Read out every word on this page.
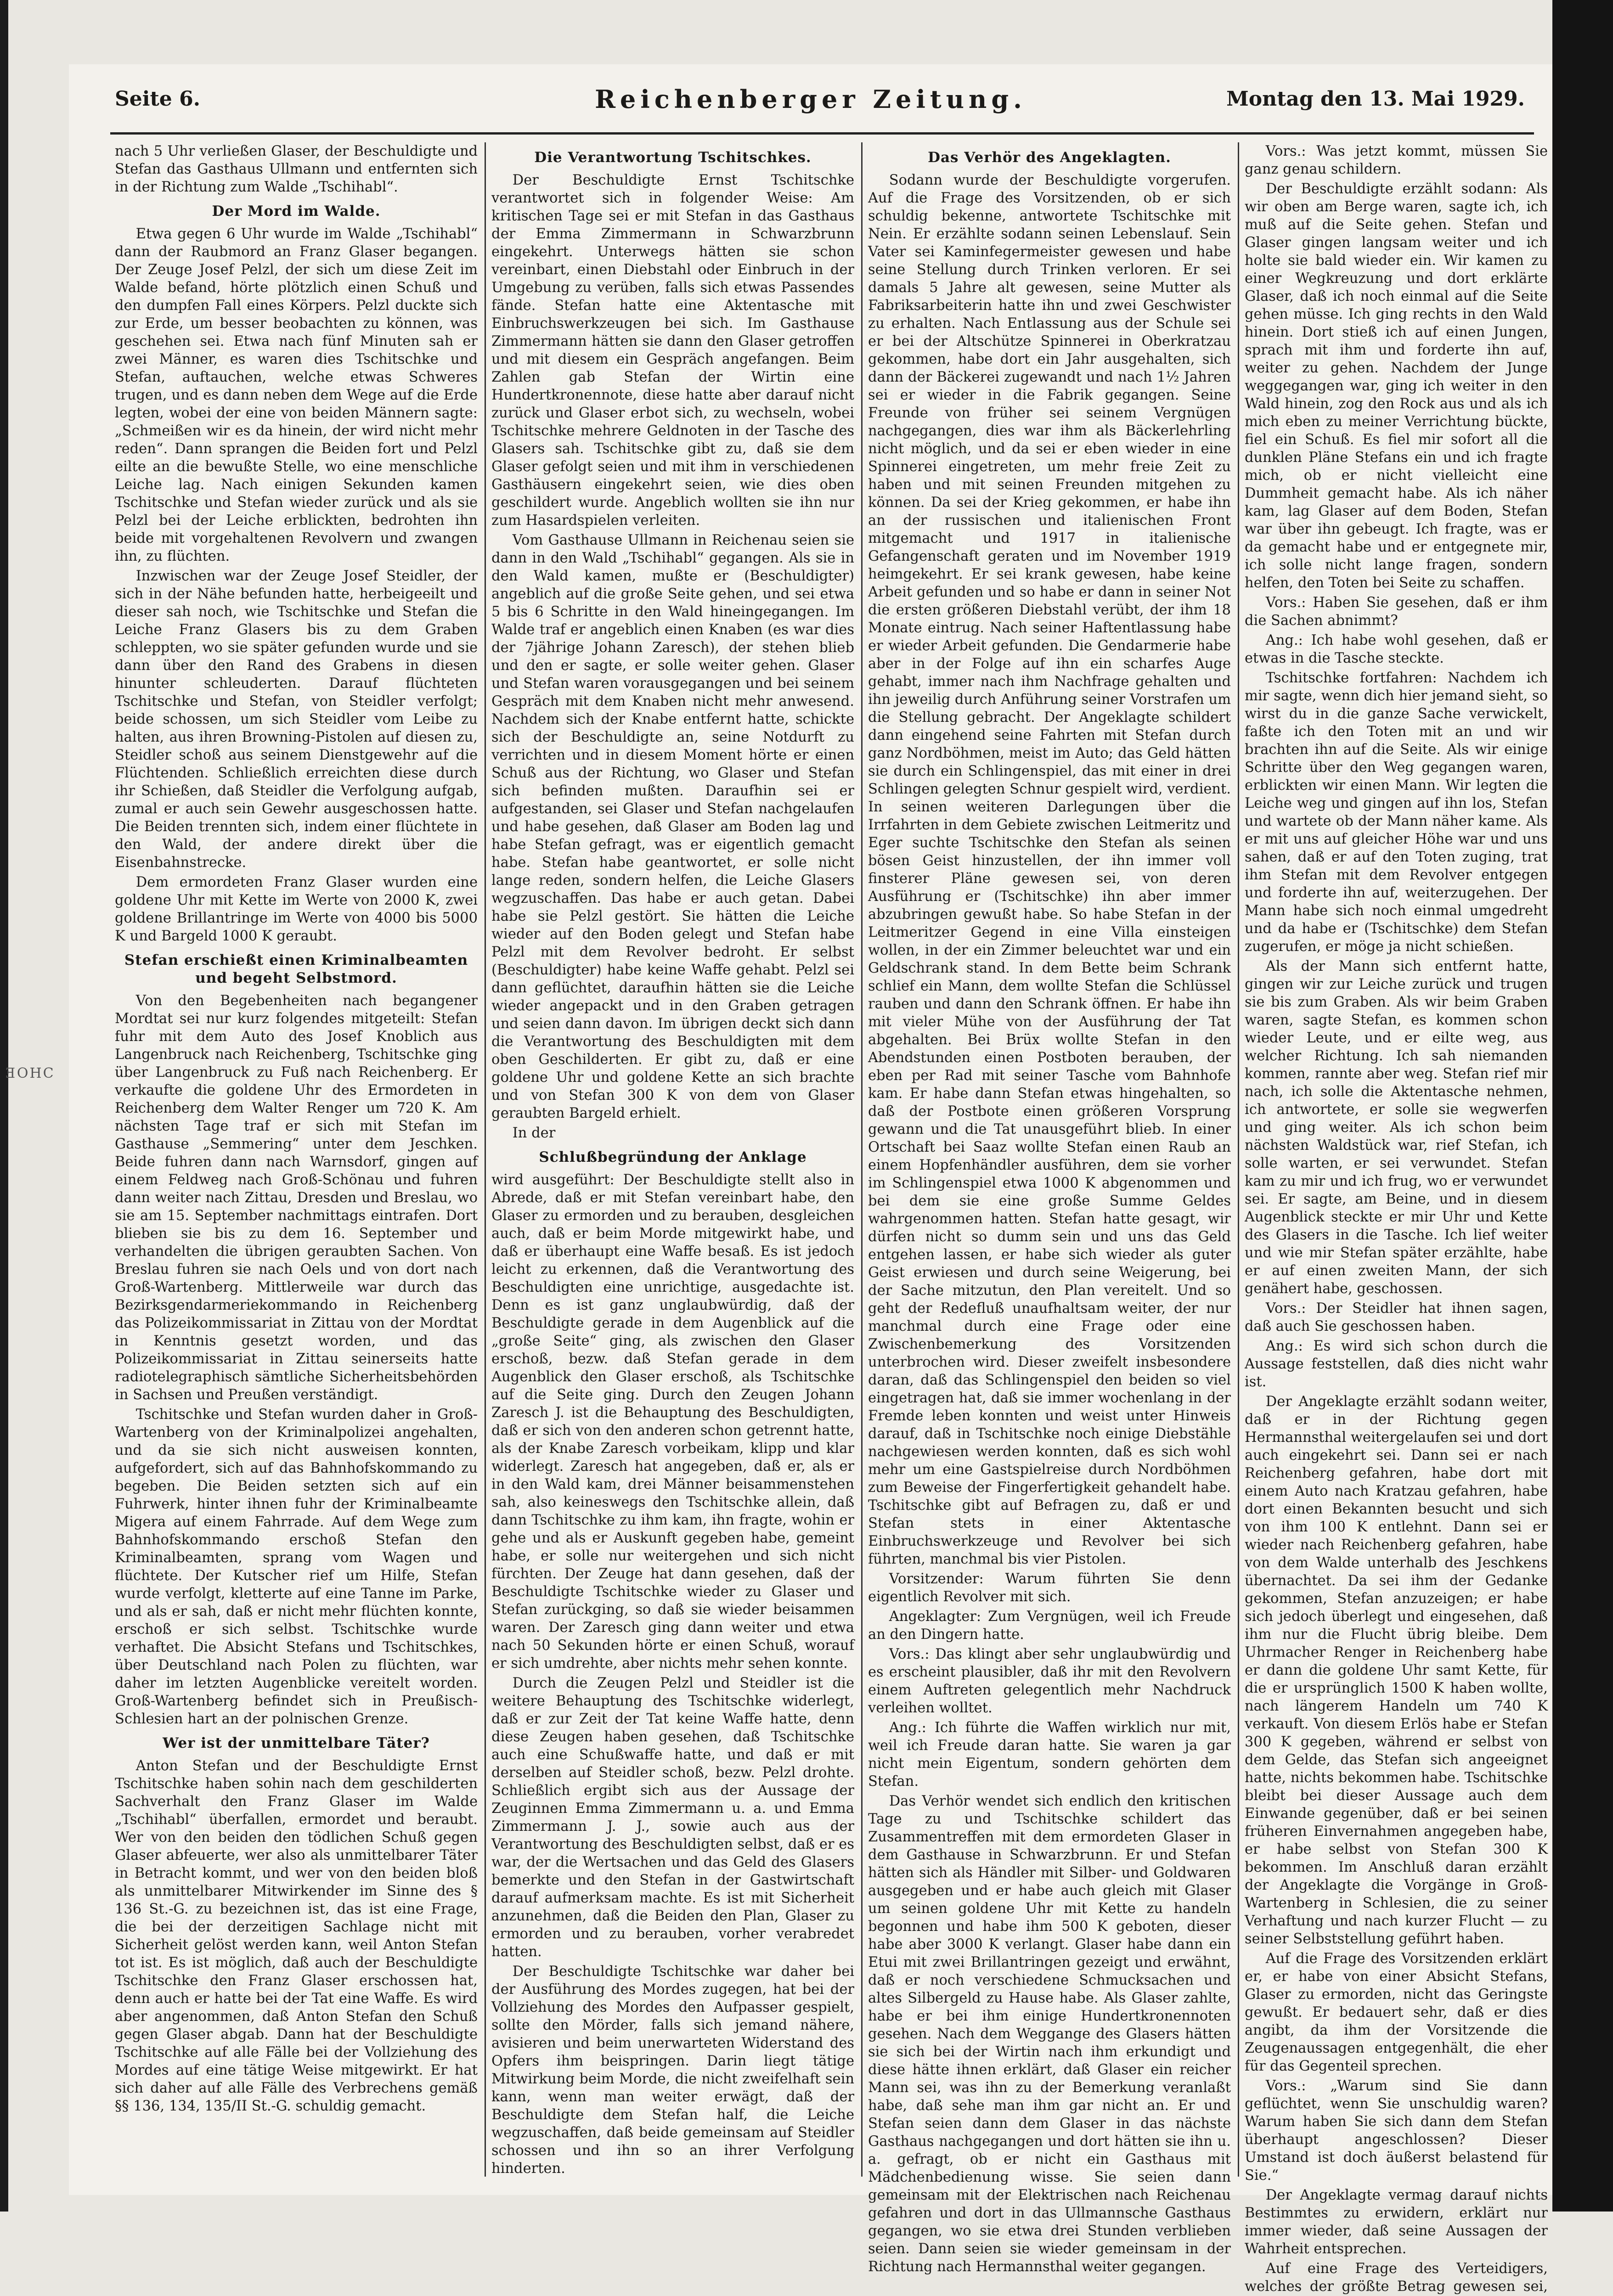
ƎOHC
Seite 6.	Reichenberger Zeitung.	Montag den 13. Mai 1929.

nach 5 Uhr verließen Glaser, der Beschuldigte und Stefan das Gasthaus Ullmann und entfernten sich in der Richtung zum Walde „Tschihabl“.

Der Mord im Walde.

Etwa gegen 6 Uhr wurde im Walde „Tschihabl“ dann der Raubmord an Franz Glaser begangen. Der Zeuge Josef Pelzl, der sich um diese Zeit im Walde befand, hörte plötzlich einen Schuß und den dumpfen Fall eines Körpers. Pelzl duckte sich zur Erde, um besser beobachten zu können, was geschehen sei. Etwa nach fünf Minuten sah er zwei Männer, es waren dies Tschitschke und Stefan, auftauchen, welche etwas Schweres trugen, und es dann neben dem Wege auf die Erde legten, wobei der eine von beiden Männern sagte: „Schmeißen wir es da hinein, der wird nicht mehr reden“. Dann sprangen die Beiden fort und Pelzl eilte an die bewußte Stelle, wo eine menschliche Leiche lag. Nach einigen Sekunden kamen Tschitschke und Stefan wieder zurück und als sie Pelzl bei der Leiche erblickten, bedrohten ihn beide mit vorgehaltenen Revolvern und zwangen ihn, zu flüchten.

Inzwischen war der Zeuge Josef Steidler, der sich in der Nähe befunden hatte, herbeigeeilt und dieser sah noch, wie Tschitschke und Stefan die Leiche Franz Glasers bis zu dem Graben schleppten, wo sie später gefunden wurde und sie dann über den Rand des Grabens in diesen hinunter schleuderten. Darauf flüchteten Tschitschke und Stefan, von Steidler verfolgt; beide schossen, um sich Steidler vom Leibe zu halten, aus ihren Browning-Pistolen auf diesen zu, Steidler schoß aus seinem Dienstgewehr auf die Flüchtenden. Schließlich erreichten diese durch ihr Schießen, daß Steidler die Verfolgung aufgab, zumal er auch sein Gewehr ausgeschossen hatte. Die Beiden trennten sich, indem einer flüchtete in den Wald, der andere direkt über die Eisenbahnstrecke.

Dem ermordeten Franz Glaser wurden eine goldene Uhr mit Kette im Werte von 2000 K, zwei goldene Brillantringe im Werte von 4000 bis 5000 K und Bargeld 1000 K geraubt.

Stefan erschießt einen Kriminalbeamten und begeht Selbstmord.

Von den Begebenheiten nach begangener Mordtat sei nur kurz folgendes mitgeteilt: Stefan fuhr mit dem Auto des Josef Knoblich aus Langenbruck nach Reichenberg, Tschitschke ging über Langenbruck zu Fuß nach Reichenberg. Er verkaufte die goldene Uhr des Ermordeten in Reichenberg dem Walter Renger um 720 K. Am nächsten Tage traf er sich mit Stefan im Gasthause „Semmering“ unter dem Jeschken. Beide fuhren dann nach Warnsdorf, gingen auf einem Feldweg nach Groß-Schönau und fuhren dann weiter nach Zittau, Dresden und Breslau, wo sie am 15. September nachmittags eintrafen. Dort blieben sie bis zu dem 16. September und verhandelten die übrigen geraubten Sachen. Von Breslau fuhren sie nach Oels und von dort nach Groß-Wartenberg. Mittlerweile war durch das Bezirksgendarmeriekommando in Reichenberg das Polizeikommissariat in Zittau von der Mordtat in Kenntnis gesetzt worden, und das Polizeikommissariat in Zittau seinerseits hatte radiotelegraphisch sämtliche Sicherheitsbehörden in Sachsen und Preußen verständigt.

Tschitschke und Stefan wurden daher in Groß-Wartenberg von der Kriminalpolizei angehalten, und da sie sich nicht ausweisen konnten, aufgefordert, sich auf das Bahnhofskommando zu begeben. Die Beiden setzten sich auf ein Fuhrwerk, hinter ihnen fuhr der Kriminalbeamte Migera auf einem Fahrrade. Auf dem Wege zum Bahnhofskommando erschoß Stefan den Kriminalbeamten, sprang vom Wagen und flüchtete. Der Kutscher rief um Hilfe, Stefan wurde verfolgt, kletterte auf eine Tanne im Parke, und als er sah, daß er nicht mehr flüchten konnte, erschoß er sich selbst. Tschitschke wurde verhaftet. Die Absicht Stefans und Tschitschkes, über Deutschland nach Polen zu flüchten, war daher im letzten Augenblicke vereitelt worden. Groß-Wartenberg befindet sich in Preußisch-Schlesien hart an der polnischen Grenze.

Wer ist der unmittelbare Täter?

Anton Stefan und der Beschuldigte Ernst Tschitschke haben sohin nach dem geschilderten Sachverhalt den Franz Glaser im Walde „Tschihabl“ überfallen, ermordet und beraubt. Wer von den beiden den tödlichen Schuß gegen Glaser abfeuerte, wer also als unmittelbarer Täter in Betracht kommt, und wer von den beiden bloß als unmittelbarer Mitwirkender im Sinne des § 136 St.-G. zu bezeichnen ist, das ist eine Frage, die bei der derzeitigen Sachlage nicht mit Sicherheit gelöst werden kann, weil Anton Stefan tot ist. Es ist möglich, daß auch der Beschuldigte Tschitschke den Franz Glaser erschossen hat, denn auch er hatte bei der Tat eine Waffe. Es wird aber angenommen, daß Anton Stefan den Schuß gegen Glaser abgab. Dann hat der Beschuldigte Tschitschke auf alle Fälle bei der Vollziehung des Mordes auf eine tätige Weise mitgewirkt. Er hat sich daher auf alle Fälle des Verbrechens gemäß §§ 136, 134, 135/II St.-G. schuldig gemacht.

Die Verantwortung Tschitschkes.

Der Beschuldigte Ernst Tschitschke verantwortet sich in folgender Weise: Am kritischen Tage sei er mit Stefan in das Gasthaus der Emma Zimmermann in Schwarzbrunn eingekehrt. Unterwegs hätten sie schon vereinbart, einen Diebstahl oder Einbruch in der Umgebung zu verüben, falls sich etwas Passendes fände. Stefan hatte eine Aktentasche mit Einbruchswerkzeugen bei sich. Im Gasthause Zimmermann hätten sie dann den Glaser getroffen und mit diesem ein Gespräch angefangen. Beim Zahlen gab Stefan der Wirtin eine Hundertkronennote, diese hatte aber darauf nicht zurück und Glaser erbot sich, zu wechseln, wobei Tschitschke mehrere Geldnoten in der Tasche des Glasers sah. Tschitschke gibt zu, daß sie dem Glaser gefolgt seien und mit ihm in verschiedenen Gasthäusern eingekehrt seien, wie dies oben geschildert wurde. Angeblich wollten sie ihn nur zum Hasardspielen verleiten.

Vom Gasthause Ullmann in Reichenau seien sie dann in den Wald „Tschihabl“ gegangen. Als sie in den Wald kamen, mußte er (Beschuldigter) angeblich auf die große Seite gehen, und sei etwa 5 bis 6 Schritte in den Wald hineingegangen. Im Walde traf er angeblich einen Knaben (es war dies der 7jährige Johann Zaresch), der stehen blieb und den er sagte, er solle weiter gehen. Glaser und Stefan waren vorausgegangen und bei seinem Gespräch mit dem Knaben nicht mehr anwesend. Nachdem sich der Knabe entfernt hatte, schickte sich der Beschuldigte an, seine Notdurft zu verrichten und in diesem Moment hörte er einen Schuß aus der Richtung, wo Glaser und Stefan sich befinden mußten. Daraufhin sei er aufgestanden, sei Glaser und Stefan nachgelaufen und habe gesehen, daß Glaser am Boden lag und habe Stefan gefragt, was er eigentlich gemacht habe. Stefan habe geantwortet, er solle nicht lange reden, sondern helfen, die Leiche Glasers wegzuschaffen. Das habe er auch getan. Dabei habe sie Pelzl gestört. Sie hätten die Leiche wieder auf den Boden gelegt und Stefan habe Pelzl mit dem Revolver bedroht. Er selbst (Beschuldigter) habe keine Waffe gehabt. Pelzl sei dann geflüchtet, daraufhin hätten sie die Leiche wieder angepackt und in den Graben getragen und seien dann davon. Im übrigen deckt sich dann die Verantwortung des Beschuldigten mit dem oben Geschilderten. Er gibt zu, daß er eine goldene Uhr und goldene Kette an sich brachte und von Stefan 300 K von dem von Glaser geraubten Bargeld erhielt.

In der

Schlußbegründung der Anklage

wird ausgeführt: Der Beschuldigte stellt also in Abrede, daß er mit Stefan vereinbart habe, den Glaser zu ermorden und zu berauben, desgleichen auch, daß er beim Morde mitgewirkt habe, und daß er überhaupt eine Waffe besaß. Es ist jedoch leicht zu erkennen, daß die Verantwortung des Beschuldigten eine unrichtige, ausgedachte ist. Denn es ist ganz unglaubwürdig, daß der Beschuldigte gerade in dem Augenblick auf die „große Seite“ ging, als zwischen den Glaser erschoß, bezw. daß Stefan gerade in dem Augenblick den Glaser erschoß, als Tschitschke auf die Seite ging. Durch den Zeugen Johann Zaresch J. ist die Behauptung des Beschuldigten, daß er sich von den anderen schon getrennt hatte, als der Knabe Zaresch vorbeikam, klipp und klar widerlegt. Zaresch hat angegeben, daß er, als er in den Wald kam, drei Männer beisammenstehen sah, also keineswegs den Tschitschke allein, daß dann Tschitschke zu ihm kam, ihn fragte, wohin er gehe und als er Auskunft gegeben habe, gemeint habe, er solle nur weitergehen und sich nicht fürchten. Der Zeuge hat dann gesehen, daß der Beschuldigte Tschitschke wieder zu Glaser und Stefan zurückging, so daß sie wieder beisammen waren. Der Zaresch ging dann weiter und etwa nach 50 Sekunden hörte er einen Schuß, worauf er sich umdrehte, aber nichts mehr sehen konnte.

Durch die Zeugen Pelzl und Steidler ist die weitere Behauptung des Tschitschke widerlegt, daß er zur Zeit der Tat keine Waffe hatte, denn diese Zeugen haben gesehen, daß Tschitschke auch eine Schußwaffe hatte, und daß er mit derselben auf Steidler schoß, bezw. Pelzl drohte. Schließlich ergibt sich aus der Aussage der Zeuginnen Emma Zimmermann u. a. und Emma Zimmermann J. J., sowie auch aus der Verantwortung des Beschuldigten selbst, daß er es war, der die Wertsachen und das Geld des Glasers bemerkte und den Stefan in der Gastwirtschaft darauf aufmerksam machte. Es ist mit Sicherheit anzunehmen, daß die Beiden den Plan, Glaser zu ermorden und zu berauben, vorher verabredet hatten.

Der Beschuldigte Tschitschke war daher bei der Ausführung des Mordes zugegen, hat bei der Vollziehung des Mordes den Aufpasser gespielt, sollte den Mörder, falls sich jemand nähere, avisieren und beim unerwarteten Widerstand des Opfers ihm beispringen. Darin liegt tätige Mitwirkung beim Morde, die nicht zweifelhaft sein kann, wenn man weiter erwägt, daß der Beschuldigte dem Stefan half, die Leiche wegzuschaffen, daß beide gemeinsam auf Steidler schossen und ihn so an ihrer Verfolgung hinderten.

Das Verhör des Angeklagten.

Sodann wurde der Beschuldigte vorgerufen. Auf die Frage des Vorsitzenden, ob er sich schuldig bekenne, antwortete Tschitschke mit Nein. Er erzählte sodann seinen Lebenslauf. Sein Vater sei Kaminfegermeister gewesen und habe seine Stellung durch Trinken verloren. Er sei damals 5 Jahre alt gewesen, seine Mutter als Fabriksarbeiterin hatte ihn und zwei Geschwister zu erhalten. Nach Entlassung aus der Schule sei er bei der Altschütze Spinnerei in Oberkratzau gekommen, habe dort ein Jahr ausgehalten, sich dann der Bäckerei zugewandt und nach 1½ Jahren sei er wieder in die Fabrik gegangen. Seine Freunde von früher sei seinem Vergnügen nachgegangen, dies war ihm als Bäckerlehrling nicht möglich, und da sei er eben wieder in eine Spinnerei eingetreten, um mehr freie Zeit zu haben und mit seinen Freunden mitgehen zu können. Da sei der Krieg gekommen, er habe ihn an der russischen und italienischen Front mitgemacht und 1917 in italienische Gefangenschaft geraten und im November 1919 heimgekehrt. Er sei krank gewesen, habe keine Arbeit gefunden und so habe er dann in seiner Not die ersten größeren Diebstahl verübt, der ihm 18 Monate eintrug. Nach seiner Haftentlassung habe er wieder Arbeit gefunden. Die Gendarmerie habe aber in der Folge auf ihn ein scharfes Auge gehabt, immer nach ihm Nachfrage gehalten und ihn jeweilig durch Anführung seiner Vorstrafen um die Stellung gebracht. Der Angeklagte schildert dann eingehend seine Fahrten mit Stefan durch ganz Nordböhmen, meist im Auto; das Geld hätten sie durch ein Schlingenspiel, das mit einer in drei Schlingen gelegten Schnur gespielt wird, verdient. In seinen weiteren Darlegungen über die Irrfahrten in dem Gebiete zwischen Leitmeritz und Eger suchte Tschitschke den Stefan als seinen bösen Geist hinzustellen, der ihn immer voll finsterer Pläne gewesen sei, von deren Ausführung er (Tschitschke) ihn aber immer abzubringen gewußt habe. So habe Stefan in der Leitmeritzer Gegend in eine Villa einsteigen wollen, in der ein Zimmer beleuchtet war und ein Geldschrank stand. In dem Bette beim Schrank schlief ein Mann, dem wollte Stefan die Schlüssel rauben und dann den Schrank öffnen. Er habe ihn mit vieler Mühe von der Ausführung der Tat abgehalten. Bei Brüx wollte Stefan in den Abendstunden einen Postboten berauben, der eben per Rad mit seiner Tasche vom Bahnhofe kam. Er habe dann Stefan etwas hingehalten, so daß der Postbote einen größeren Vorsprung gewann und die Tat unausgeführt blieb. In einer Ortschaft bei Saaz wollte Stefan einen Raub an einem Hopfenhändler ausführen, dem sie vorher im Schlingenspiel etwa 1000 K abgenommen und bei dem sie eine große Summe Geldes wahrgenommen hatten. Stefan hatte gesagt, wir dürfen nicht so dumm sein und uns das Geld entgehen lassen, er habe sich wieder als guter Geist erwiesen und durch seine Weigerung, bei der Sache mitzutun, den Plan vereitelt. Und so geht der Redefluß unaufhaltsam weiter, der nur manchmal durch eine Frage oder eine Zwischenbemerkung des Vorsitzenden unterbrochen wird. Dieser zweifelt insbesondere daran, daß das Schlingenspiel den beiden so viel eingetragen hat, daß sie immer wochenlang in der Fremde leben konnten und weist unter Hinweis darauf, daß in Tschitschke noch einige Diebstähle nachgewiesen werden konnten, daß es sich wohl mehr um eine Gastspielreise durch Nordböhmen zum Beweise der Fingerfertigkeit gehandelt habe. Tschitschke gibt auf Befragen zu, daß er und Stefan stets in einer Aktentasche Einbruchswerkzeuge und Revolver bei sich führten, manchmal bis vier Pistolen.

Vorsitzender: Warum führten Sie denn eigentlich Revolver mit sich.

Angeklagter: Zum Vergnügen, weil ich Freude an den Dingern hatte.

Vors.: Das klingt aber sehr unglaubwürdig und es erscheint plausibler, daß ihr mit den Revolvern einem Auftreten gelegentlich mehr Nachdruck verleihen wolltet.

Ang.: Ich führte die Waffen wirklich nur mit, weil ich Freude daran hatte. Sie waren ja gar nicht mein Eigentum, sondern gehörten dem Stefan.

Das Verhör wendet sich endlich den kritischen Tage zu und Tschitschke schildert das Zusammentreffen mit dem ermordeten Glaser in dem Gasthause in Schwarzbrunn. Er und Stefan hätten sich als Händler mit Silber- und Goldwaren ausgegeben und er habe auch gleich mit Glaser um seinen goldene Uhr mit Kette zu handeln begonnen und habe ihm 500 K geboten, dieser habe aber 3000 K verlangt. Glaser habe dann ein Etui mit zwei Brillantringen gezeigt und erwähnt, daß er noch verschiedene Schmucksachen und altes Silbergeld zu Hause habe. Als Glaser zahlte, habe er bei ihm einige Hundertkronennoten gesehen. Nach dem Weggange des Glasers hätten sie sich bei der Wirtin nach ihm erkundigt und diese hätte ihnen erklärt, daß Glaser ein reicher Mann sei, was ihn zu der Bemerkung veranlaßt habe, daß sehe man ihm gar nicht an. Er und Stefan seien dann dem Glaser in das nächste Gasthaus nachgegangen und dort hätten sie ihn u. a. gefragt, ob er nicht ein Gasthaus mit Mädchenbedienung wisse. Sie seien dann gemeinsam mit der Elektrischen nach Reichenau gefahren und dort in das Ullmannsche Gasthaus gegangen, wo sie etwa drei Stunden verblieben seien. Dann seien sie wieder gemeinsam in der Richtung nach Hermannsthal weiter gegangen.

Vors.: Was jetzt kommt, müssen Sie ganz genau schildern.

Der Beschuldigte erzählt sodann: Als wir oben am Berge waren, sagte ich, ich muß auf die Seite gehen. Stefan und Glaser gingen langsam weiter und ich holte sie bald wieder ein. Wir kamen zu einer Wegkreuzung und dort erklärte Glaser, daß ich noch einmal auf die Seite gehen müsse. Ich ging rechts in den Wald hinein. Dort stieß ich auf einen Jungen, sprach mit ihm und forderte ihn auf, weiter zu gehen. Nachdem der Junge weggegangen war, ging ich weiter in den Wald hinein, zog den Rock aus und als ich mich eben zu meiner Verrichtung bückte, fiel ein Schuß. Es fiel mir sofort all die dunklen Pläne Stefans ein und ich fragte mich, ob er nicht vielleicht eine Dummheit gemacht habe. Als ich näher kam, lag Glaser auf dem Boden, Stefan war über ihn gebeugt. Ich fragte, was er da gemacht habe und er entgegnete mir, ich solle nicht lange fragen, sondern helfen, den Toten bei Seite zu schaffen.

Vors.: Haben Sie gesehen, daß er ihm die Sachen abnimmt?

Ang.: Ich habe wohl gesehen, daß er etwas in die Tasche steckte.

Tschitschke fortfahren: Nachdem ich mir sagte, wenn dich hier jemand sieht, so wirst du in die ganze Sache verwickelt, faßte ich den Toten mit an und wir brachten ihn auf die Seite. Als wir einige Schritte über den Weg gegangen waren, erblickten wir einen Mann. Wir legten die Leiche weg und gingen auf ihn los, Stefan und wartete ob der Mann näher kame. Als er mit uns auf gleicher Höhe war und uns sahen, daß er auf den Toten zuging, trat ihm Stefan mit dem Revolver entgegen und forderte ihn auf, weiterzugehen. Der Mann habe sich noch einmal umgedreht und da habe er (Tschitschke) dem Stefan zugerufen, er möge ja nicht schießen.

Als der Mann sich entfernt hatte, gingen wir zur Leiche zurück und trugen sie bis zum Graben. Als wir beim Graben waren, sagte Stefan, es kommen schon wieder Leute, und er eilte weg, aus welcher Richtung. Ich sah niemanden kommen, rannte aber weg. Stefan rief mir nach, ich solle die Aktentasche nehmen, ich antwortete, er solle sie wegwerfen und ging weiter. Als ich schon beim nächsten Waldstück war, rief Stefan, ich solle warten, er sei verwundet. Stefan kam zu mir und ich frug, wo er verwundet sei. Er sagte, am Beine, und in diesem Augenblick steckte er mir Uhr und Kette des Glasers in die Tasche. Ich lief weiter und wie mir Stefan später erzählte, habe er auf einen zweiten Mann, der sich genähert habe, geschossen.

Vors.: Der Steidler hat ihnen sagen, daß auch Sie geschossen haben.

Ang.: Es wird sich schon durch die Aussage feststellen, daß dies nicht wahr ist.

Der Angeklagte erzählt sodann weiter, daß er in der Richtung gegen Hermannsthal weitergelaufen sei und dort auch eingekehrt sei. Dann sei er nach Reichenberg gefahren, habe dort mit einem Auto nach Kratzau gefahren, habe dort einen Bekannten besucht und sich von ihm 100 K entlehnt. Dann sei er wieder nach Reichenberg gefahren, habe von dem Walde unterhalb des Jeschkens übernachtet. Da sei ihm der Gedanke gekommen, Stefan anzuzeigen; er habe sich jedoch überlegt und eingesehen, daß ihm nur die Flucht übrig bleibe. Dem Uhrmacher Renger in Reichenberg habe er dann die goldene Uhr samt Kette, für die er ursprünglich 1500 K haben wollte, nach längerem Handeln um 740 K verkauft. Von diesem Erlös habe er Stefan 300 K gegeben, während er selbst von dem Gelde, das Stefan sich angeeignet hatte, nichts bekommen habe. Tschitschke bleibt bei dieser Aussage auch dem Einwande gegenüber, daß er bei seinen früheren Einvernahmen angegeben habe, er habe selbst von Stefan 300 K bekommen. Im Anschluß daran erzählt der Angeklagte die Vorgänge in Groß-Wartenberg in Schlesien, die zu seiner Verhaftung und nach kurzer Flucht — zu seiner Selbststellung geführt haben.

Auf die Frage des Vorsitzenden erklärt er, er habe von einer Absicht Stefans, Glaser zu ermorden, nicht das Geringste gewußt. Er bedauert sehr, daß er dies angibt, da ihm der Vorsitzende die Zeugenaussagen entgegenhält, die eher für das Gegenteil sprechen.

Vors.: „Warum sind Sie dann geflüchtet, wenn Sie unschuldig waren? Warum haben Sie sich dann dem Stefan überhaupt angeschlossen? Dieser Umstand ist doch äußerst belastend für Sie.“

Der Angeklagte vermag darauf nichts Bestimmtes zu erwidern, erklärt nur immer wieder, daß seine Aussagen der Wahrheit entsprechen.

Auf eine Frage des Verteidigers, welches der größte Betrag gewesen sei,
